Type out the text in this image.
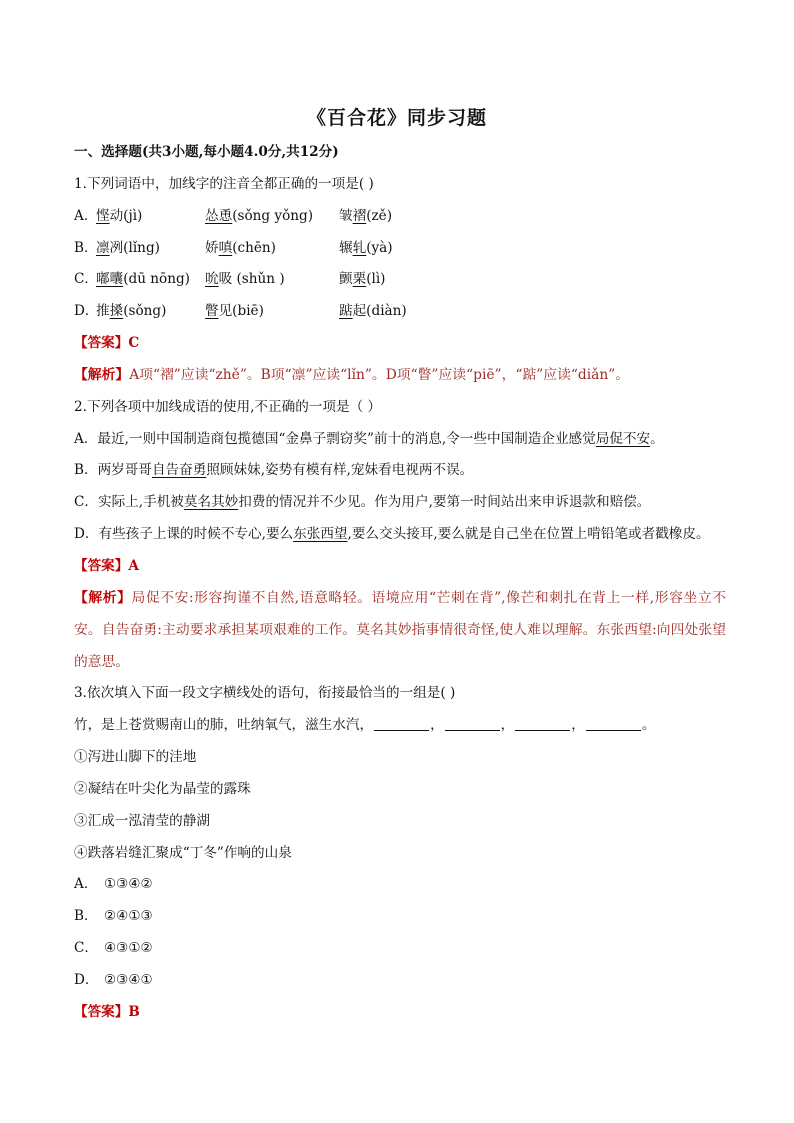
《百合花》同步习题
一、选择题(共3小题,每小题4.0分,共12分)
1.下列词语中，加线字的注音全都正确的一项是( )
A．悭动(jì)	怂恿(sǒng yǒng) 皱褶(zě)
B．凛冽(lǐng)	娇嗔(chēn)	辗轧(yà)
C．嘟囔(dū nōng) 吮吸 (shǔn )	颤栗(lì)
D．推搡(sǒng)	瞥见(biē)	踮起(diàn)
【答案】C
【解析】A项“褶”应读“zhě”。B项“凛”应读“lǐn”。D项“瞥”应读“piē”，“踮”应读“diǎn”。
2.下列各项中加线成语的使用,不正确的一项是（ ）
A．最近,一则中国制造商包揽德国“金鼻子剽窃奖”前十的消息,令一些中国制造企业感觉局促不安。
B．两岁哥哥自告奋勇照顾妹妹,姿势有模有样,宠妹看电视两不误。
C．实际上,手机被莫名其妙扣费的情况并不少见。作为用户,要第一时间站出来申诉退款和赔偿。
D．有些孩子上课的时候不专心,要么东张西望,要么交头接耳,要么就是自己坐在位置上啃铅笔或者戳橡皮。
【答案】A
【解析】局促不安:形容拘谨不自然,语意略轻。语境应用“芒刺在背”,像芒和刺扎在背上一样,形容坐立不安。自告奋勇:主动要求承担某项艰难的工作。莫名其妙指事情很奇怪,使人难以理解。东张西望:向四处张望的意思。
3.依次填入下面一段文字横线处的语句，衔接最恰当的一组是( )
竹，是上苍赏赐南山的肺，吐纳氧气，滋生水汽，	，	，	，	。
①泻进山脚下的洼地
②凝结在叶尖化为晶莹的露珠
③汇成一泓清莹的静湖
④跌落岩缝汇聚成“丁冬”作响的山泉
A． ①③④②
B． ②④①③
C． ④③①②
D． ②③④①
【答案】B
